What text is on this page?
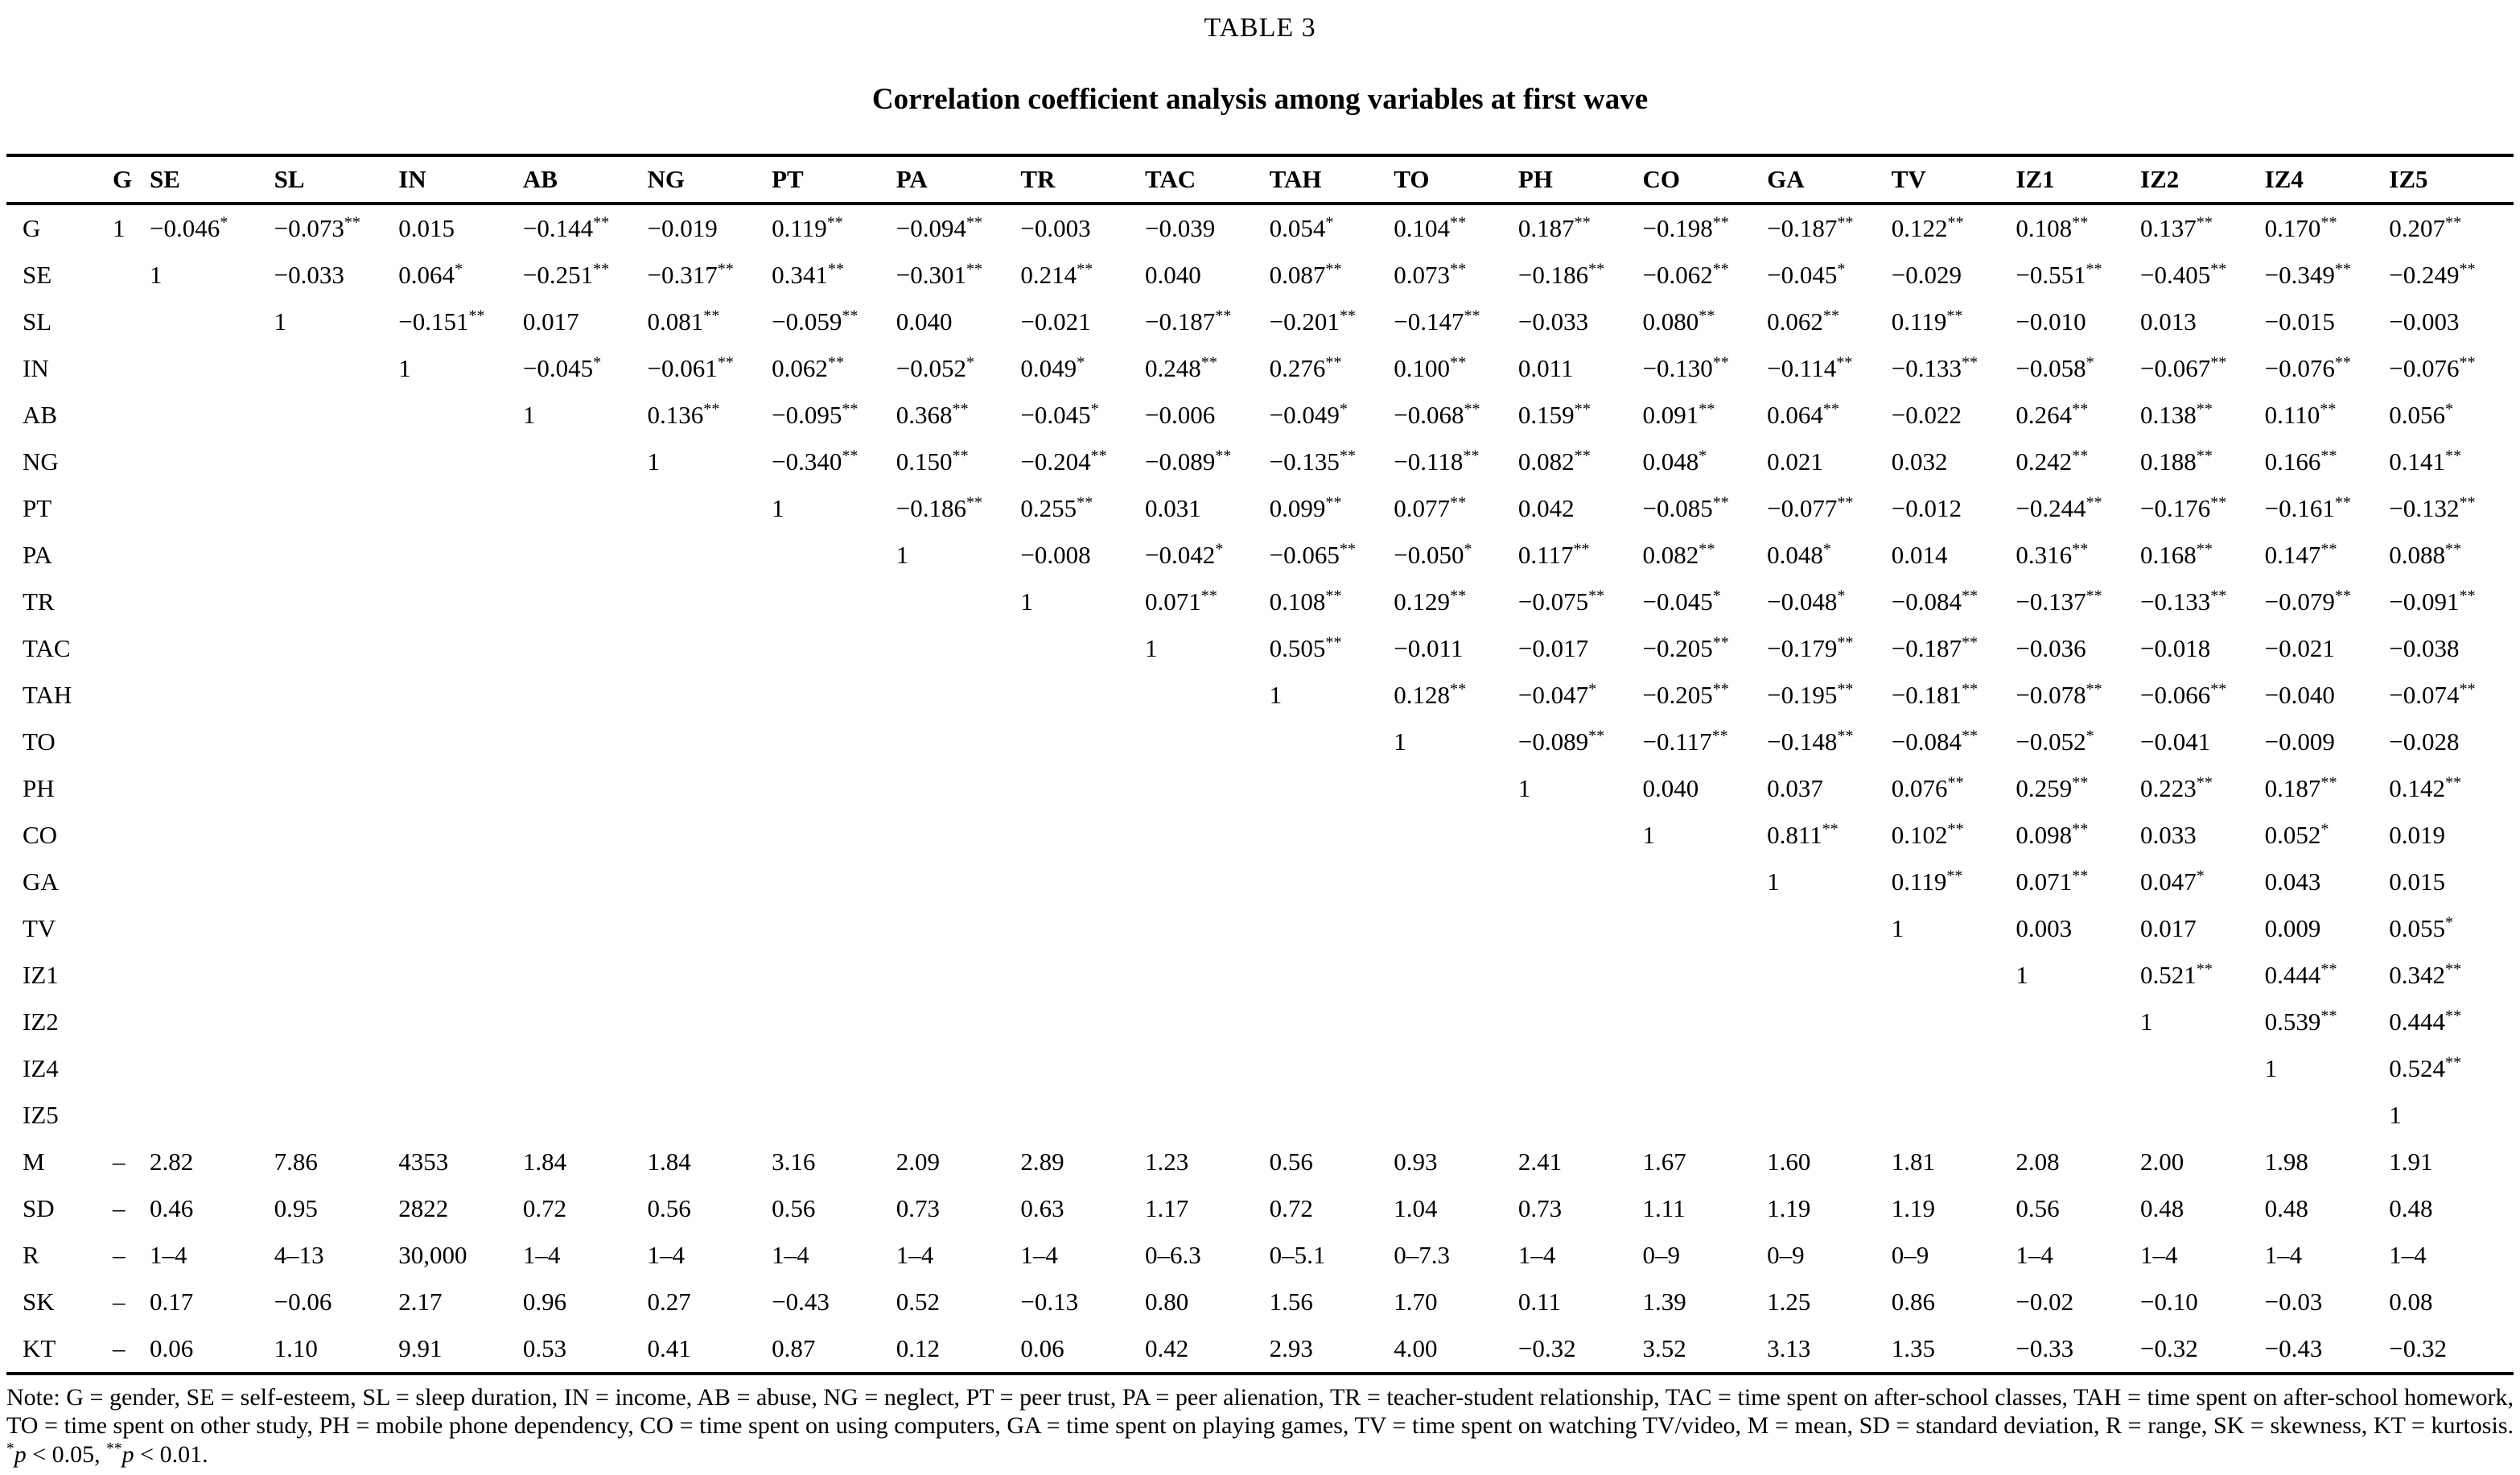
TABLE 3
Correlation coefficient analysis among variables at first wave
	G	SE	SL	IN	AB	NG	PT	PA	TR	TAC	TAH	TO	PH	CO	GA	TV	IZ1	IZ2	IZ4	IZ5
G	1	−0.046*	−0.073**	0.015	−0.144**	−0.019	0.119**	−0.094**	−0.003	−0.039	0.054*	0.104**	0.187**	−0.198**	−0.187**	0.122**	0.108**	0.137**	0.170**	0.207**
SE		1	−0.033	0.064*	−0.251**	−0.317**	0.341**	−0.301**	0.214**	0.040	0.087**	0.073**	−0.186**	−0.062**	−0.045*	−0.029	−0.551**	−0.405**	−0.349**	−0.249**
SL			1	−0.151**	0.017	0.081**	−0.059**	0.040	−0.021	−0.187**	−0.201**	−0.147**	−0.033	0.080**	0.062**	0.119**	−0.010	0.013	−0.015	−0.003
IN				1	−0.045*	−0.061**	0.062**	−0.052*	0.049*	0.248**	0.276**	0.100**	0.011	−0.130**	−0.114**	−0.133**	−0.058*	−0.067**	−0.076**	−0.076**
AB					1	0.136**	−0.095**	0.368**	−0.045*	−0.006	−0.049*	−0.068**	0.159**	0.091**	0.064**	−0.022	0.264**	0.138**	0.110**	0.056*
NG						1	−0.340**	0.150**	−0.204**	−0.089**	−0.135**	−0.118**	0.082**	0.048*	0.021	0.032	0.242**	0.188**	0.166**	0.141**
PT							1	−0.186**	0.255**	0.031	0.099**	0.077**	0.042	−0.085**	−0.077**	−0.012	−0.244**	−0.176**	−0.161**	−0.132**
PA								1	−0.008	−0.042*	−0.065**	−0.050*	0.117**	0.082**	0.048*	0.014	0.316**	0.168**	0.147**	0.088**
TR									1	0.071**	0.108**	0.129**	−0.075**	−0.045*	−0.048*	−0.084**	−0.137**	−0.133**	−0.079**	−0.091**
TAC										1	0.505**	−0.011	−0.017	−0.205**	−0.179**	−0.187**	−0.036	−0.018	−0.021	−0.038
TAH											1	0.128**	−0.047*	−0.205**	−0.195**	−0.181**	−0.078**	−0.066**	−0.040	−0.074**
TO												1	−0.089**	−0.117**	−0.148**	−0.084**	−0.052*	−0.041	−0.009	−0.028
PH													1	0.040	0.037	0.076**	0.259**	0.223**	0.187**	0.142**
CO														1	0.811**	0.102**	0.098**	0.033	0.052*	0.019
GA															1	0.119**	0.071**	0.047*	0.043	0.015
TV																1	0.003	0.017	0.009	0.055*
IZ1																	1	0.521**	0.444**	0.342**
IZ2																		1	0.539**	0.444**
IZ4																			1	0.524**
IZ5																				1
M	–	2.82	7.86	4353	1.84	1.84	3.16	2.09	2.89	1.23	0.56	0.93	2.41	1.67	1.60	1.81	2.08	2.00	1.98	1.91
SD	–	0.46	0.95	2822	0.72	0.56	0.56	0.73	0.63	1.17	0.72	1.04	0.73	1.11	1.19	1.19	0.56	0.48	0.48	0.48
R	–	1–4	4–13	30,000	1–4	1–4	1–4	1–4	1–4	0–6.3	0–5.1	0–7.3	1–4	0–9	0–9	0–9	1–4	1–4	1–4	1–4
SK	–	0.17	−0.06	2.17	0.96	0.27	−0.43	0.52	−0.13	0.80	1.56	1.70	0.11	1.39	1.25	0.86	−0.02	−0.10	−0.03	0.08
KT	–	0.06	1.10	9.91	0.53	0.41	0.87	0.12	0.06	0.42	2.93	4.00	−0.32	3.52	3.13	1.35	−0.33	−0.32	−0.43	−0.32
Note: G = gender, SE = self-esteem, SL = sleep duration, IN = income, AB = abuse, NG = neglect, PT = peer trust, PA = peer alienation, TR = teacher-student relationship, TAC = time spent on after-school classes, TAH = time spent on after-school homework, TO = time spent on other study, PH = mobile phone dependency, CO = time spent on using computers, GA = time spent on playing games, TV = time spent on watching TV/video, M = mean, SD = standard deviation, R = range, SK = skewness, KT = kurtosis. *p < 0.05, **p < 0.01.
